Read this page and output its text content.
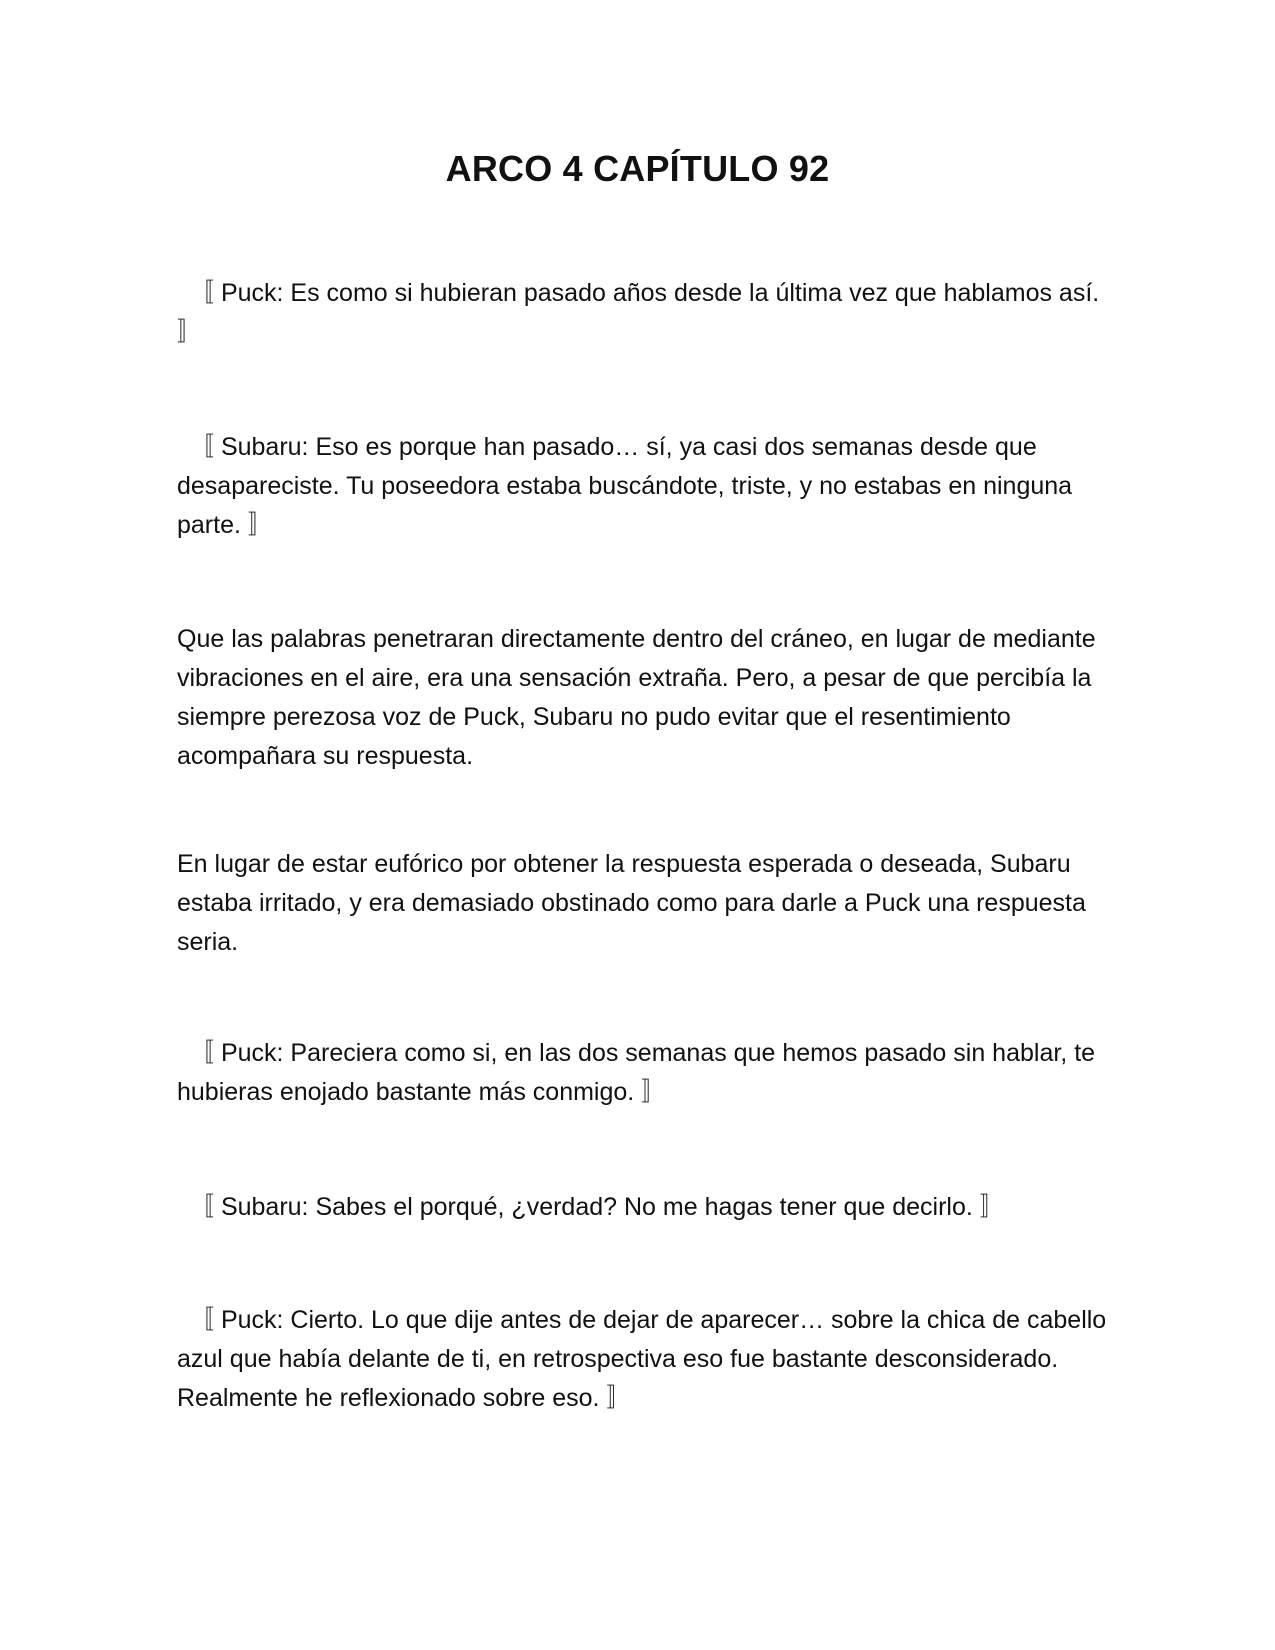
ARCO 4 CAPÍTULO 92

〚 Puck: Es como si hubieran pasado años desde la última vez que hablamos así. 〛

〚 Subaru: Eso es porque han pasado… sí, ya casi dos semanas desde que desapareciste. Tu poseedora estaba buscándote, triste, y no estabas en ninguna parte. 〛

Que las palabras penetraran directamente dentro del cráneo, en lugar de mediante vibraciones en el aire, era una sensación extraña. Pero, a pesar de que percibía la siempre perezosa voz de Puck, Subaru no pudo evitar que el resentimiento acompañara su respuesta.

En lugar de estar eufórico por obtener la respuesta esperada o deseada, Subaru estaba irritado, y era demasiado obstinado como para darle a Puck una respuesta seria.

〚 Puck: Pareciera como si, en las dos semanas que hemos pasado sin hablar, te hubieras enojado bastante más conmigo. 〛

〚 Subaru: Sabes el porqué, ¿verdad? No me hagas tener que decirlo. 〛

〚 Puck: Cierto. Lo que dije antes de dejar de aparecer… sobre la chica de cabello azul que había delante de ti, en retrospectiva eso fue bastante desconsiderado. Realmente he reflexionado sobre eso. 〛
